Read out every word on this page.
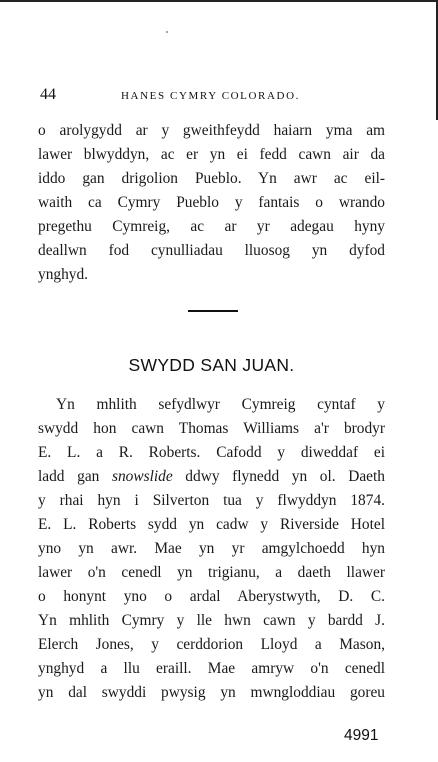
44	HANES CYMRY COLORADO.
o arolygydd ar y gweithfeydd haiarn yma am
lawer blwyddyn, ac er yn ei fedd cawn air da
iddo gan drigolion Pueblo. Yn awr ac eil-
waith ca Cymry Pueblo y fantais o wrando
pregethu Cymreig, ac ar yr adegau hyny
deallwn fod cynulliadau lluosog yn dyfod
ynghyd.
SWYDD SAN JUAN.
Yn mhlith sefydlwyr Cymreig cyntaf y
swydd hon cawn Thomas Williams a'r brodyr
E. L. a R. Roberts. Cafodd y diweddaf ei
ladd gan snowslide ddwy flynedd yn ol. Daeth
y rhai hyn i Silverton tua y flwyddyn 1874.
E. L. Roberts sydd yn cadw y Riverside Hotel
yno yn awr. Mae yn yr amgylchoedd hyn
lawer o'n cenedl yn trigianu, a daeth llawer
o honynt yno o ardal Aberystwyth, D. C.
Yn mhlith Cymry y lle hwn cawn y bardd J.
Elerch Jones, y cerddorion Lloyd a Mason,
ynghyd a llu eraill. Mae amryw o'n cenedl
yn dal swyddi pwysig yn mwngloddiau goreu
4991
